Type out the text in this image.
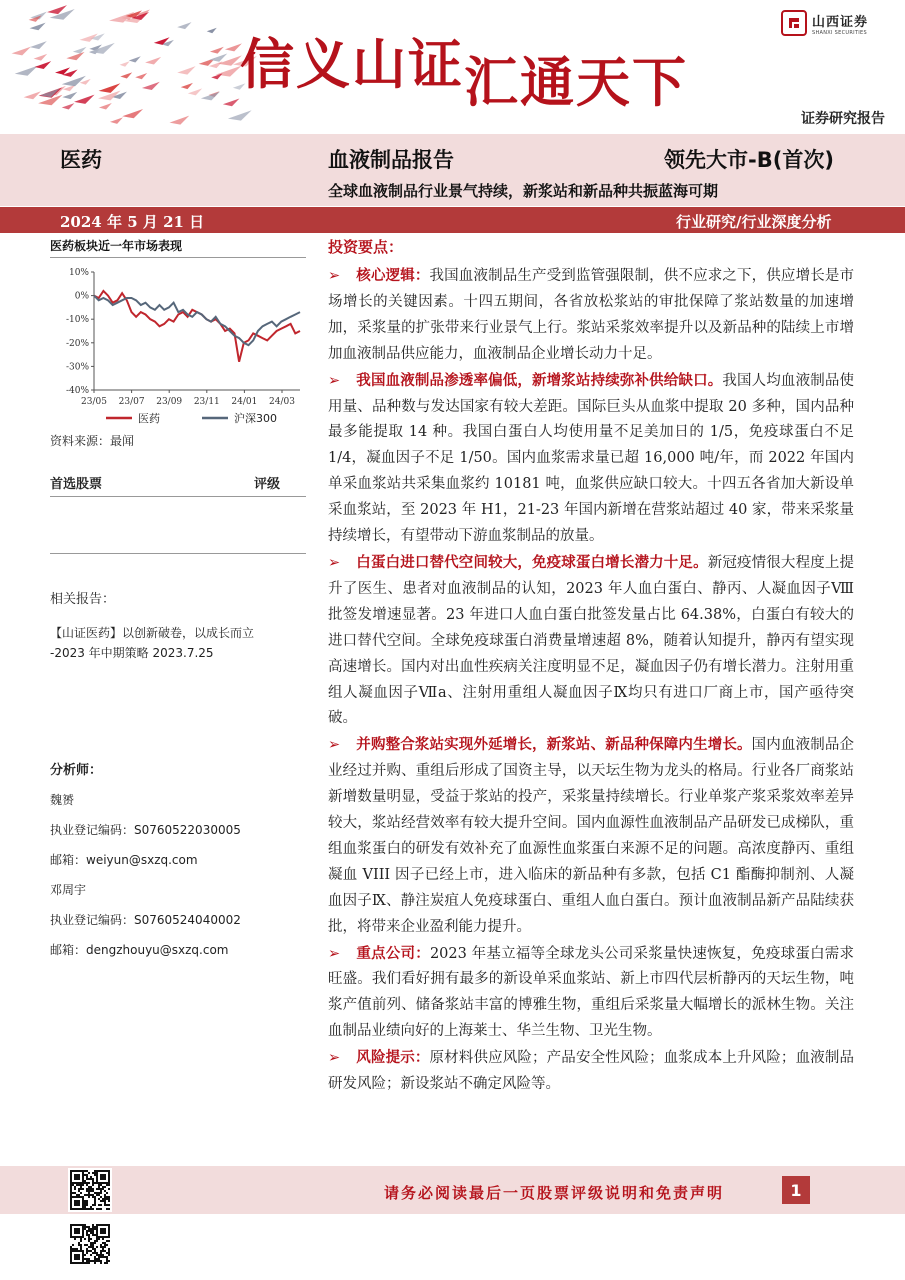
信义山证汇通天下
山西证券
SHANXI SECURITIES
证券研究报告
医药	血液制品报告	领先大市-B(首次)
全球血液制品行业景气持续，新浆站和新品种共振蓝海可期
2024 年 5 月 21 日	行业研究/行业深度分析
医药板块近一年市场表现
10%
0%
-10%
-20%
-30%
-40%
23/05 23/07 23/09 23/11 24/01 24/03
医药	沪深300
资料来源：最闻
首选股票	评级
相关报告：
【山证医药】以创新破卷，以成长而立
-2023 年中期策略 2023.7.25
分析师：
魏赟
执业登记编码：S0760522030005
邮箱：weiyun@sxzq.com
邓周宇
执业登记编码：S0760524040002
邮箱：dengzhouyu@sxzq.com
投资要点：

➢ 核心逻辑：我国血液制品生产受到监管强限制，供不应求之下，供应增长是市场增长的关键因素。十四五期间，各省放松浆站的审批保障了浆站数量的加速增加，采浆量的扩张带来行业景气上行。浆站采浆效率提升以及新品种的陆续上市增加血液制品供应能力，血液制品企业增长动力十足。

➢ 我国血液制品渗透率偏低，新增浆站持续弥补供给缺口。我国人均血液制品使用量、品种数与发达国家有较大差距。国际巨头从血浆中提取 20 多种，国内品种最多能提取 14 种。我国白蛋白人均使用量不足美加日的 1/5，免疫球蛋白不足 1/4，凝血因子不足 1/50。国内血浆需求量已超 16,000 吨/年，而 2022 年国内单采血浆站共采集血浆约 10181 吨，血浆供应缺口较大。十四五各省加大新设单采血浆站，至 2023 年 H1，21-23 年国内新增在营浆站超过 40 家，带来采浆量持续增长，有望带动下游血浆制品的放量。

➢ 白蛋白进口替代空间较大，免疫球蛋白增长潜力十足。新冠疫情很大程度上提升了医生、患者对血液制品的认知，2023 年人血白蛋白、静丙、人凝血因子Ⅷ批签发增速显著。23 年进口人血白蛋白批签发量占比 64.38%，白蛋白有较大的进口替代空间。全球免疫球蛋白消费量增速超 8%，随着认知提升，静丙有望实现高速增长。国内对出血性疾病关注度明显不足，凝血因子仍有增长潜力。注射用重组人凝血因子Ⅶa、注射用重组人凝血因子Ⅸ均只有进口厂商上市，国产亟待突破。

➢ 并购整合浆站实现外延增长，新浆站、新品种保障内生增长。国内血液制品企业经过并购、重组后形成了国资主导，以天坛生物为龙头的格局。行业各厂商浆站新增数量明显，受益于浆站的投产，采浆量持续增长。行业单浆产浆采浆效率差异较大，浆站经营效率有较大提升空间。国内血源性血液制品产品研发已成梯队，重组血浆蛋白的研发有效补充了血源性血浆蛋白来源不足的问题。高浓度静丙、重组凝血 VIII 因子已经上市，进入临床的新品种有多款，包括 C1 酯酶抑制剂、人凝血因子Ⅸ、静注炭疽人免疫球蛋白、重组人血白蛋白。预计血液制品新产品陆续获批，将带来企业盈利能力提升。

➢ 重点公司：2023 年基立福等全球龙头公司采浆量快速恢复，免疫球蛋白需求旺盛。我们看好拥有最多的新设单采血浆站、新上市四代层析静丙的天坛生物，吨浆产值前列、储备浆站丰富的博雅生物，重组后采浆量大幅增长的派林生物。关注血制品业绩向好的上海莱士、华兰生物、卫光生物。

➢ 风险提示：原材料供应风险；产品安全性风险；血浆成本上升风险；血液制品研发风险；新设浆站不确定风险等。

请务必阅读最后一页股票评级说明和免责声明	1
